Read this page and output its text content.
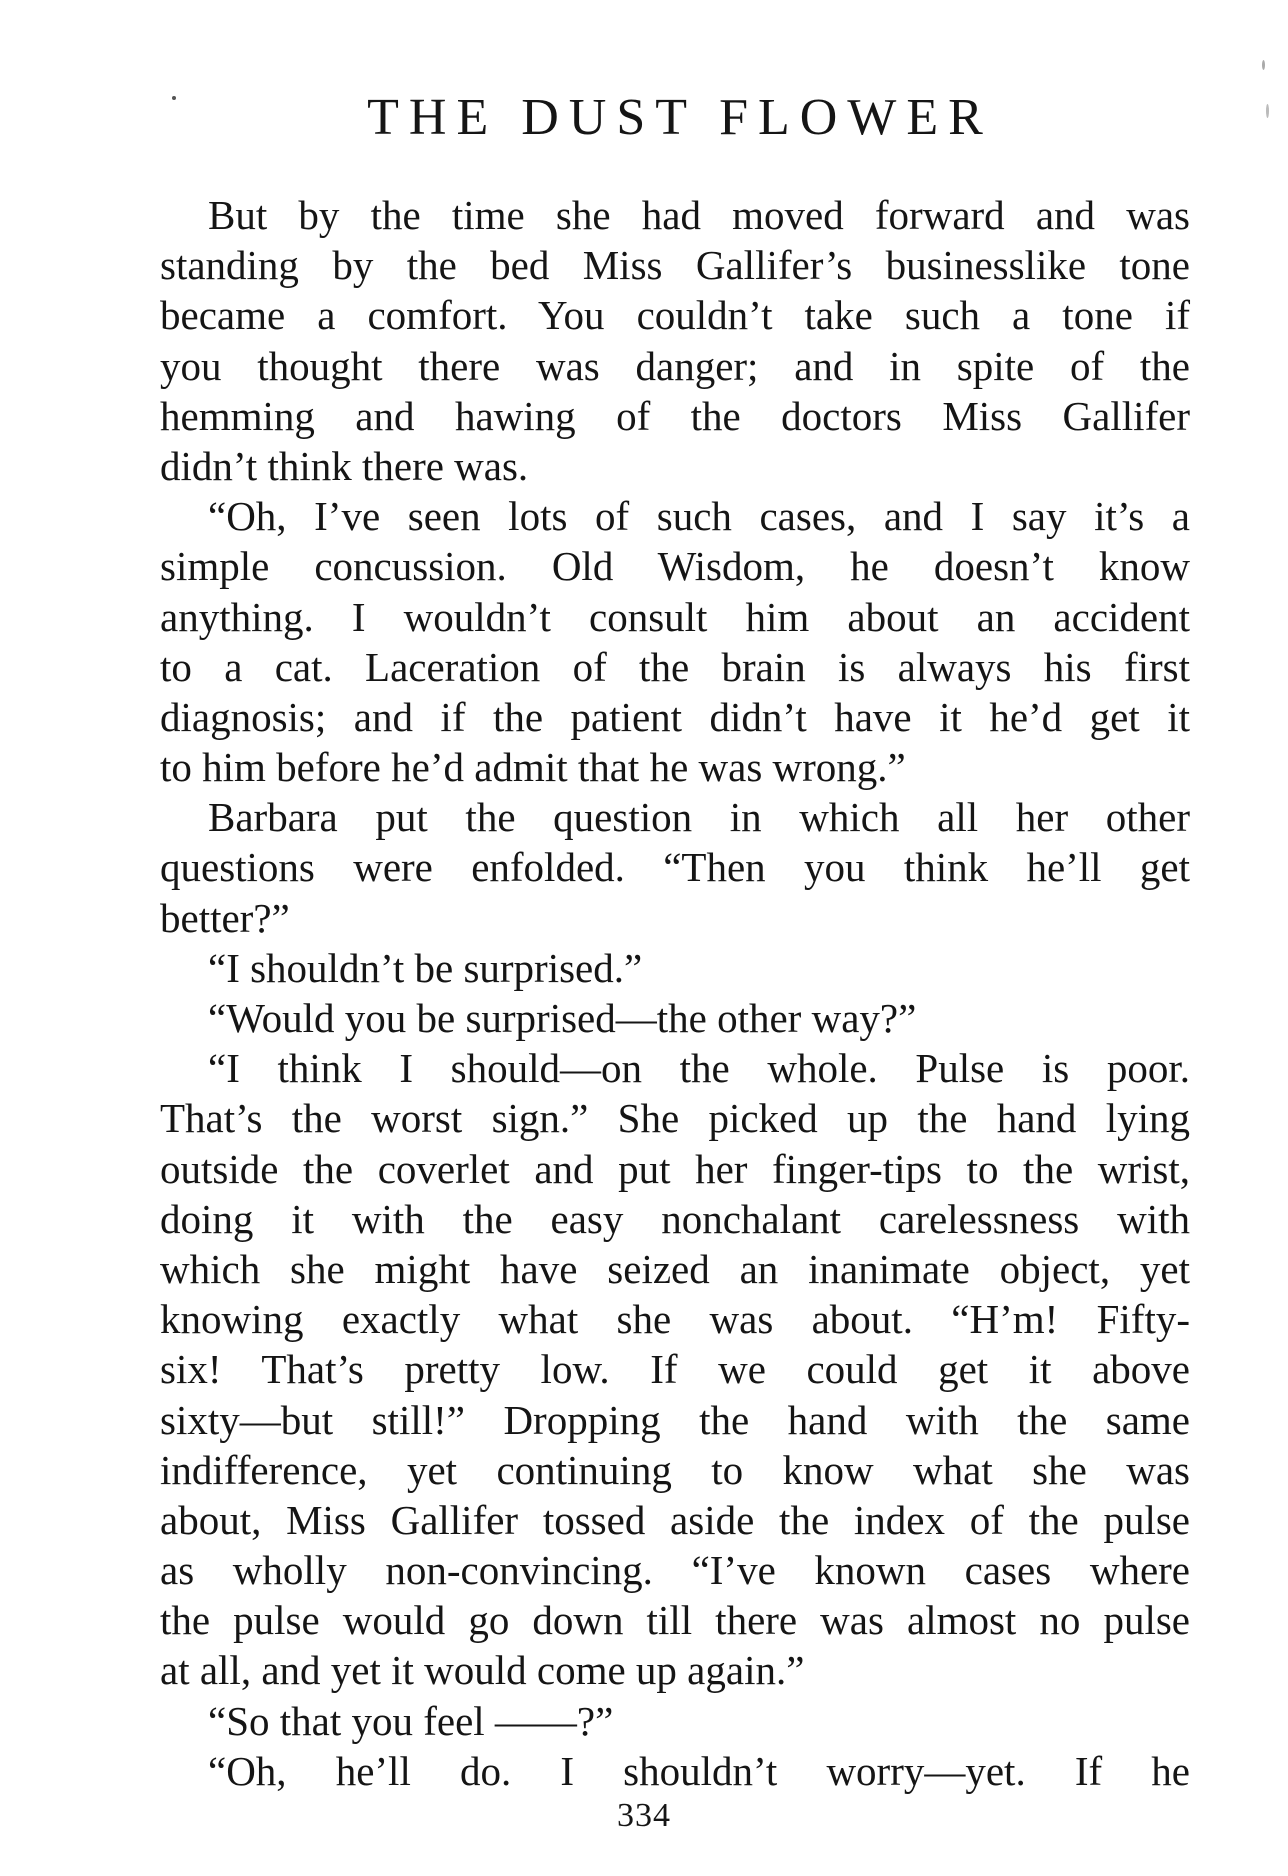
THE DUST FLOWER
But by the time she had moved forward and was
standing by the bed Miss Gallifer’s businesslike tone
became a comfort. You couldn’t take such a tone if
you thought there was danger; and in spite of the
hemming and hawing of the doctors Miss Gallifer
didn’t think there was.
“Oh, I’ve seen lots of such cases, and I say it’s a
simple concussion. Old Wisdom, he doesn’t know
anything. I wouldn’t consult him about an accident
to a cat. Laceration of the brain is always his first
diagnosis; and if the patient didn’t have it he’d get it
to him before he’d admit that he was wrong.”
Barbara put the question in which all her other
questions were enfolded. “Then you think he’ll get
better?”
“I shouldn’t be surprised.”
“Would you be surprised—the other way?”
“I think I should—on the whole. Pulse is poor.
That’s the worst sign.” She picked up the hand lying
outside the coverlet and put her finger-tips to the wrist,
doing it with the easy nonchalant carelessness with
which she might have seized an inanimate object, yet
knowing exactly what she was about. “H’m! Fifty-
six! That’s pretty low. If we could get it above
sixty—but still!” Dropping the hand with the same
indifference, yet continuing to know what she was
about, Miss Gallifer tossed aside the index of the pulse
as wholly non-convincing. “I’ve known cases where
the pulse would go down till there was almost no pulse
at all, and yet it would come up again.”
“So that you feel ——?”
“Oh, he’ll do. I shouldn’t worry—yet. If he
334
